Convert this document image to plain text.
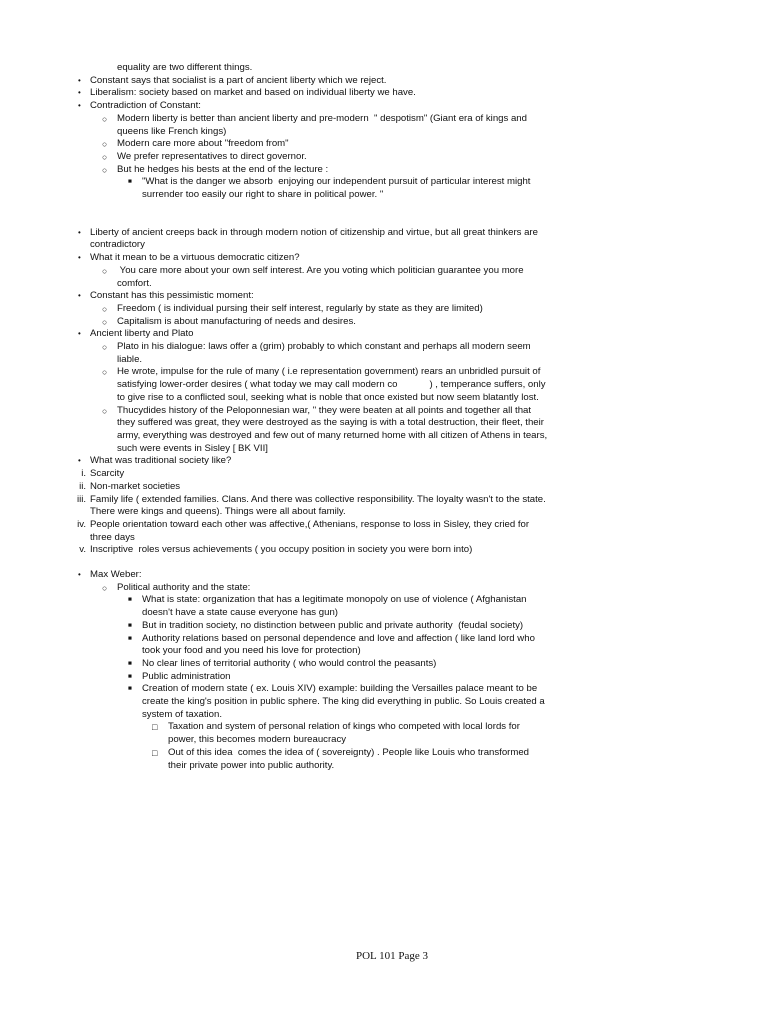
equality are two different things.
• Constant says that socialist is a part of ancient liberty which we reject.
• Liberalism: society based on market and based on individual liberty we have.
• Contradiction of Constant:
○ Modern liberty is better than ancient liberty and pre-modern  " despotism" (Giant era of kings and queens like French kings)
○ Modern care more about "freedom from"
○ We prefer representatives to direct governor.
○ But he hedges his bests at the end of the lecture :
■ "What is the danger we absorb  enjoying our independent pursuit of particular interest might surrender too easily our right to share in political power. "
• Liberty of ancient creeps back in through modern notion of citizenship and virtue, but all great thinkers are contradictory
• What it mean to be a virtuous democratic citizen?
○ You care more about your own self interest. Are you voting which politician guarantee you more comfort.
• Constant has this pessimistic moment:
○ Freedom ( is individual pursing their self interest, regularly by state as they are limited)
○ Capitalism is about manufacturing of needs and desires.
• Ancient liberty and Plato
○ Plato in his dialogue: laws offer a (grim) probably to which constant and perhaps all modern seem liable.
○ He wrote, impulse for the rule of many ( i.e representation government) rears an unbridled pursuit of satisfying lower-order desires ( what today we may call modern co            ) , temperance suffers, only to give rise to a conflicted soul, seeking what is noble that once existed but now seem blatantly lost.
○ Thucydides history of the Peloponnesian war, " they were beaten at all points and together all that they suffered was great, they were destroyed as the saying is with a total destruction, their fleet, their army, everything was destroyed and few out of many returned home with all citizen of Athens in tears, such were events in Sisley [ BK VII]
• What was traditional society like?
i. Scarcity
ii. Non-market societies
iii. Family life ( extended families. Clans. And there was collective responsibility. The loyalty wasn't to the state. There were kings and queens). Things were all about family.
iv. People orientation toward each other was affective,( Athenians, response to loss in Sisley, they cried for three days
v. Inscriptive  roles versus achievements ( you occupy position in society you were born into)
• Max Weber:
○ Political authority and the state:
■ What is state: organization that has a legitimate monopoly on use of violence ( Afghanistan doesn't have a state cause everyone has gun)
■ But in tradition society, no distinction between public and private authority  (feudal society)
■ Authority relations based on personal dependence and love and affection ( like land lord who took your food and you need his love for protection)
■ No clear lines of territorial authority ( who would control the peasants)
■ Public administration
■ Creation of modern state ( ex. Louis XIV) example: building the Versailles palace meant to be create the king's position in public sphere. The king did everything in public. So Louis created a system of taxation.
□ Taxation and system of personal relation of kings who competed with local lords for power, this becomes modern bureaucracy
□ Out of this idea  comes the idea of ( sovereignty) . People like Louis who transformed their private power into public authority.
POL 101 Page 3
